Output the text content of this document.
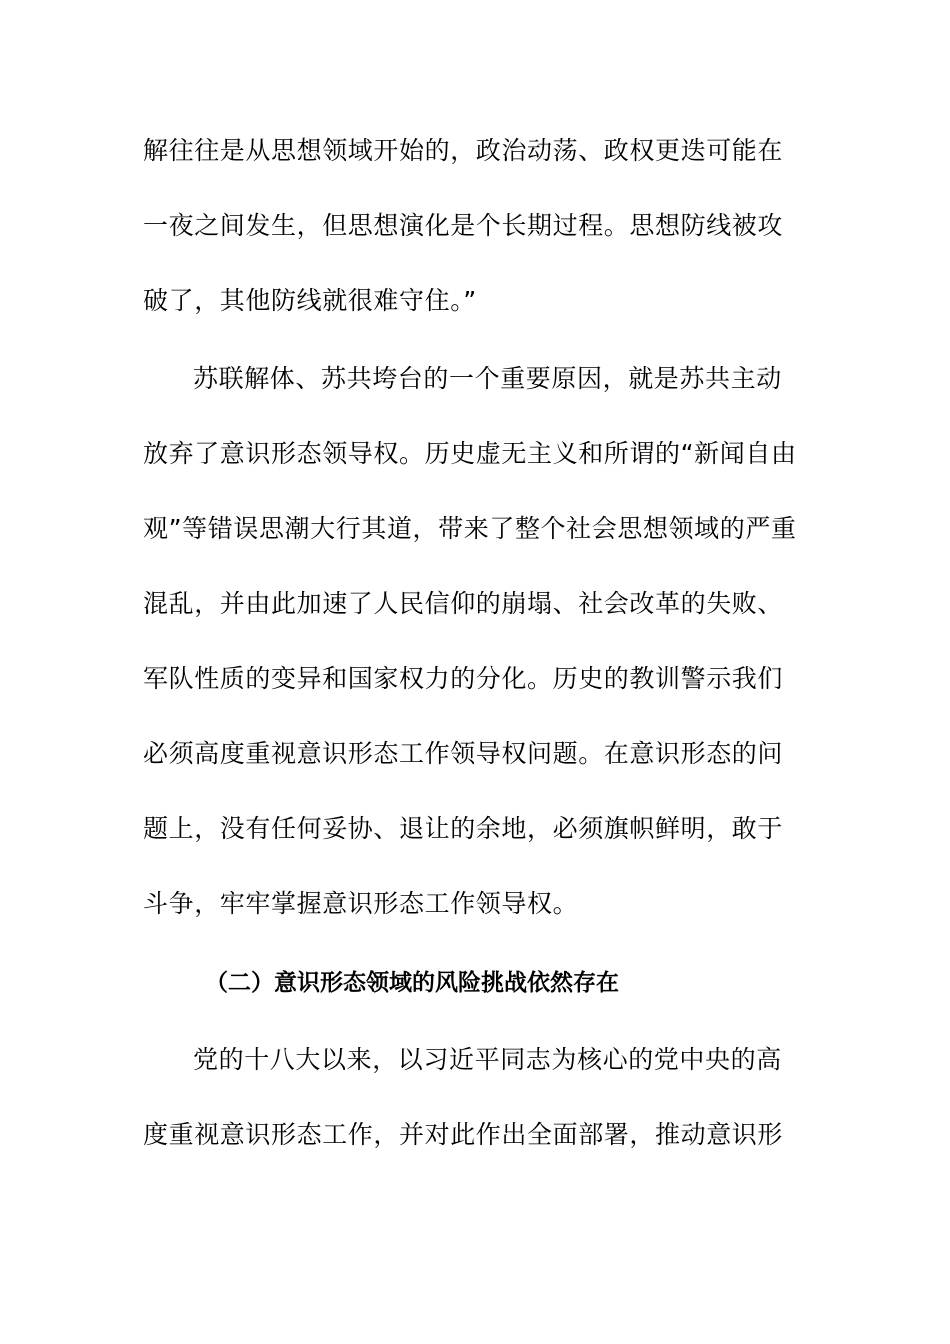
解往往是从思想领域开始的，政治动荡、政权更迭可能在
一夜之间发生，但思想演化是个长期过程。思想防线被攻
破了，其他防线就很难守住。”
苏联解体、苏共垮台的一个重要原因，就是苏共主动
放弃了意识形态领导权。历史虚无主义和所谓的“新闻自由
观”等错误思潮大行其道，带来了整个社会思想领域的严重
混乱，并由此加速了人民信仰的崩塌、社会改革的失败、
军队性质的变异和国家权力的分化。历史的教训警示我们
必须高度重视意识形态工作领导权问题。在意识形态的问
题上，没有任何妥协、退让的余地，必须旗帜鲜明，敢于
斗争，牢牢掌握意识形态工作领导权。
（二）意识形态领域的风险挑战依然存在
党的十八大以来，以习近平同志为核心的党中央的高
度重视意识形态工作，并对此作出全面部署，推动意识形
